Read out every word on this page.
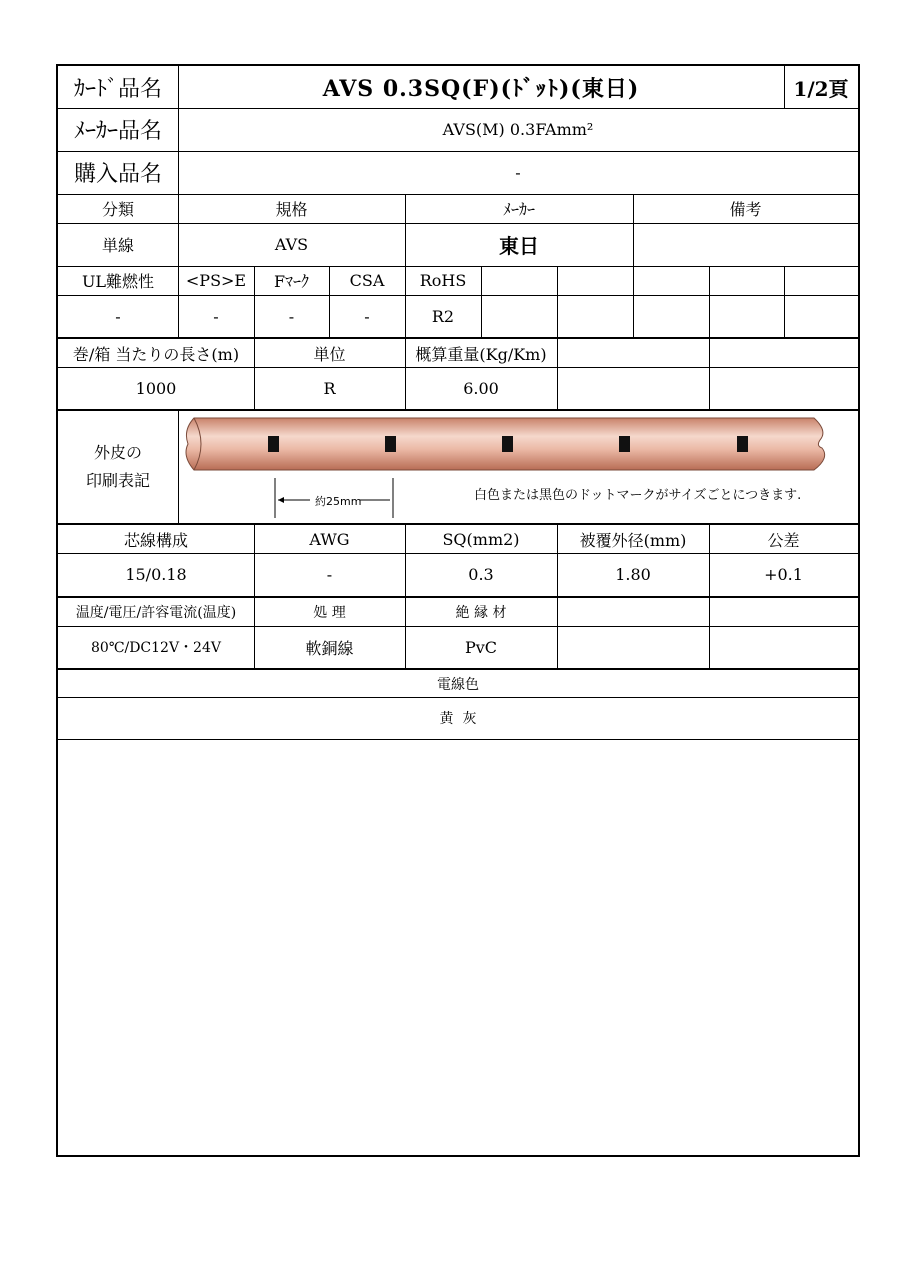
ｶｰﾄﾞ品名	AVS 0.3SQ(F)(ﾄﾞｯﾄ)(東日)	1/2頁
ﾒｰｶｰ品名	AVS(M) 0.3FAmm²
購入品名	-
分類	規格	ﾒｰｶｰ	備考
単線	AVS	東日
UL難燃性	<PS>E	Fﾏｰｸ	CSA	RoHS
-	-	-	-	R2
巻/箱 当たりの長さ(m)	単位	概算重量(Kg/Km)
1000	R	6.00
外皮の
印刷表記
約25mm	白色または黒色のドットマークがサイズごとにつきます.
芯線構成	AWG	SQ(mm2)	被覆外径(mm)	公差
15/0.18	-	0.3	1.80	+0.1
温度/電圧/許容電流(温度)	処 理	絶 縁 材
80℃/DC12V・24V	軟銅線	PvC
電線色
黄  灰
